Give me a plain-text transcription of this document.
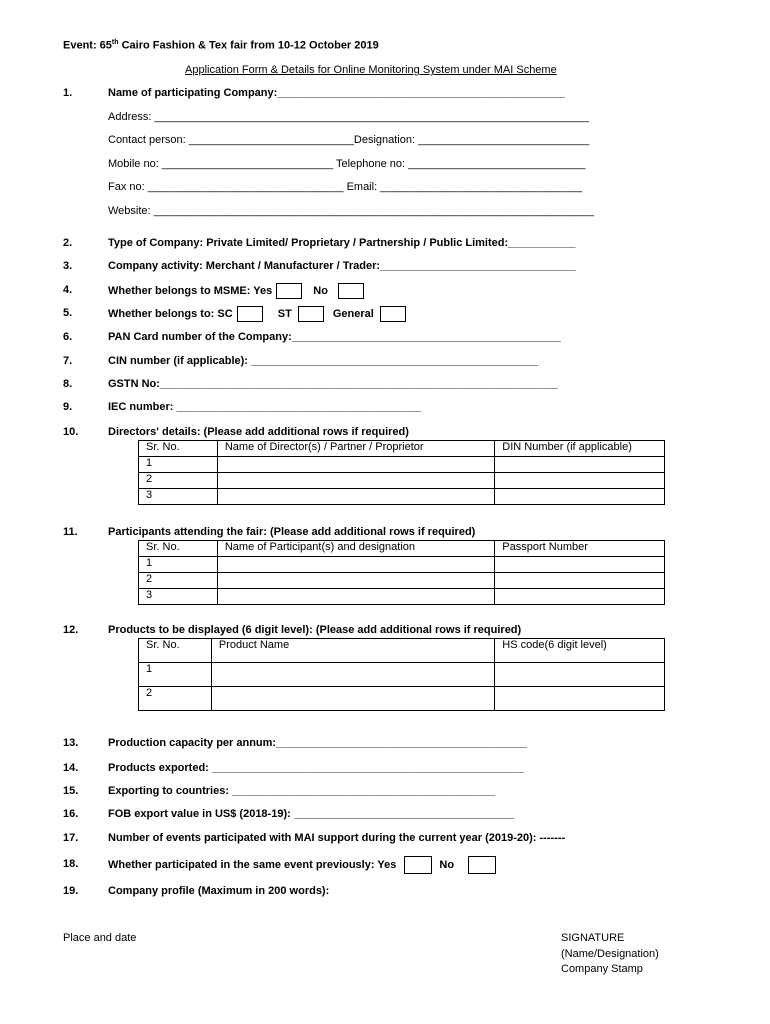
Event: 65th Cairo Fashion & Tex fair from 10-12 October 2019
Application Form & Details for Online Monitoring System under MAI Scheme
1.	Name of participating Company:_______________________________________________
Address: _______________________________________________________________________
Contact person: ___________________________Designation: ____________________________
Mobile no: ____________________________ Telephone no: _____________________________
Fax no: ________________________________ Email: _________________________________
Website: ________________________________________________________________________
2.	Type of Company: Private Limited/ Proprietary / Partnership / Public Limited:___________
3.	Company activity: Merchant / Manufacturer / Trader:________________________________
4.	Whether belongs to MSME: Yes	No
5.	Whether belongs to: SC	ST	General
6.	PAN Card number of the Company:____________________________________________
7.	CIN number (if applicable): _______________________________________________
8.	GSTN No:_________________________________________________________________
9.	IEC number: ________________________________________
10.	Directors' details: (Please add additional rows if required)
Sr. No.	Name of Director(s) / Partner / Proprietor	DIN Number (if applicable)
1		
2		
3		
11.	Participants attending the fair: (Please add additional rows if required)
Sr. No.	Name of Participant(s) and designation	Passport Number
1		
2		
3		
12.	Products to be displayed (6 digit level): (Please add additional rows if required)
Sr. No.	Product Name	HS code(6 digit level)
1		
2		
13.	Production capacity per annum:_________________________________________
14.	Products exported: ___________________________________________________
15.	Exporting to countries: ___________________________________________
16.	FOB export value in US$ (2018-19): ____________________________________
17.	Number of events participated with MAI support during the current year (2019-20): -------
18.	Whether participated in the same event previously: Yes	No
19.	Company profile (Maximum in 200 words):
Place and date	SIGNATURE
(Name/Designation)
Company Stamp
